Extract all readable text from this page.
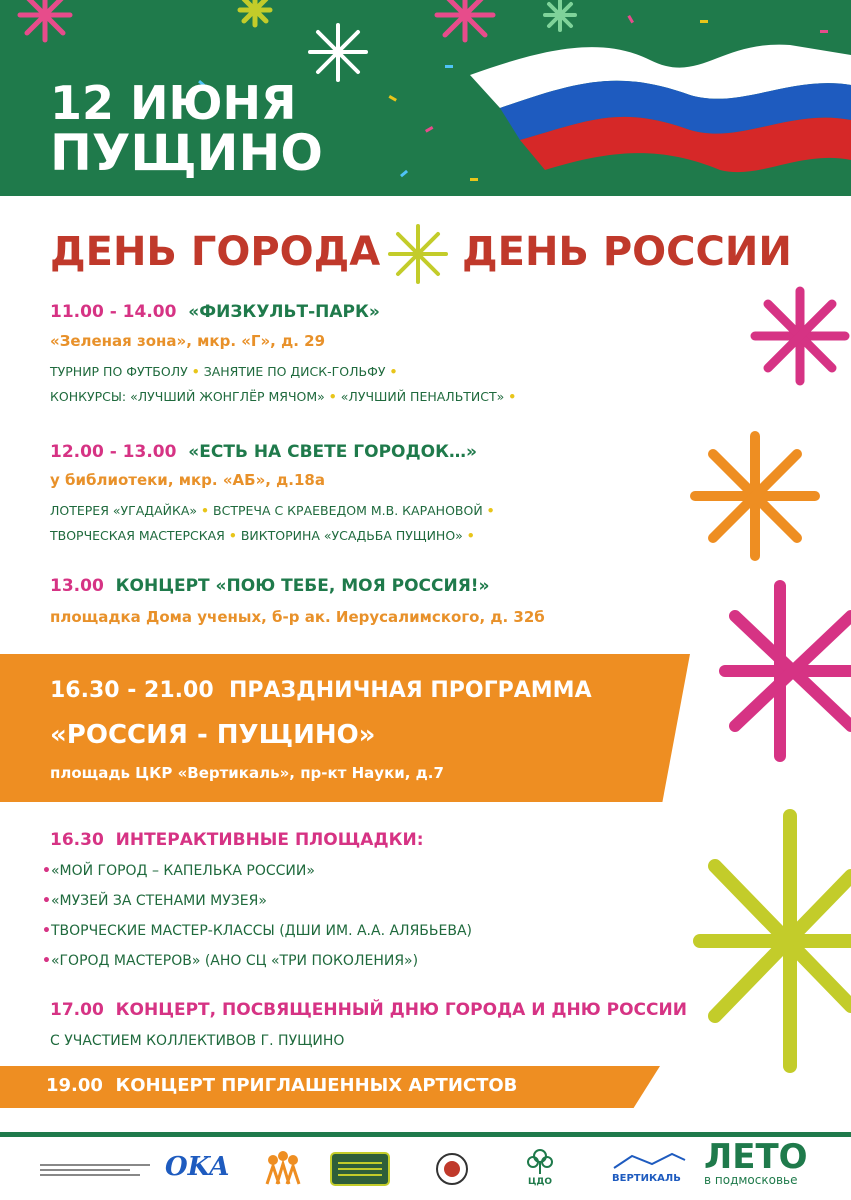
12 ИЮНЯ
ПУЩИНО
ДЕНЬ ГОРОДА ДЕНЬ РОССИИ
11.00 - 14.00 «ФИЗКУЛЬТ-ПАРК»
«Зеленая зона», мкр. «Г», д. 29
ТУРНИР ПО ФУТБОЛУ • ЗАНЯТИЕ ПО ДИСК-ГОЛЬФУ •
КОНКУРСЫ: «ЛУЧШИЙ ЖОНГЛЁР МЯЧОМ» • «ЛУЧШИЙ ПЕНАЛЬТИСТ» •
12.00 - 13.00 «ЕСТЬ НА СВЕТЕ ГОРОДОК…»
у библиотеки, мкр. «АБ», д.18а
ЛОТЕРЕЯ «УГАДАЙКА» • ВСТРЕЧА С КРАЕВЕДОМ М.В. КАРАНОВОЙ •
ТВОРЧЕСКАЯ МАСТЕРСКАЯ • ВИКТОРИНА «УСАДЬБА ПУЩИНО» •
13.00 КОНЦЕРТ «ПОЮ ТЕБЕ, МОЯ РОССИЯ!»
площадка Дома ученых, б-р ак. Иерусалимского, д. 32б
16.30 - 21.00 ПРАЗДНИЧНАЯ ПРОГРАММА
«РОССИЯ - ПУЩИНО»
площадь ЦКР «Вертикаль», пр-кт Науки, д.7
16.30 ИНТЕРАКТИВНЫЕ ПЛОЩАДКИ:
•«МОЙ ГОРОД – КАПЕЛЬКА РОССИИ»
•«МУЗЕЙ ЗА СТЕНАМИ МУЗЕЯ»
•ТВОРЧЕСКИЕ МАСТЕР-КЛАССЫ (ДШИ ИМ. А.А. АЛЯБЬЕВА)
•«ГОРОД МАСТЕРОВ» (АНО СЦ «ТРИ ПОКОЛЕНИЯ»)
17.00 КОНЦЕРТ, ПОСВЯЩЕННЫЙ ДНЮ ГОРОДА И ДНЮ РОССИИ
С УЧАСТИЕМ КОЛЛЕКТИВОВ Г. ПУЩИНО
19.00 КОНЦЕРТ ПРИГЛАШЕННЫХ АРТИСТОВ
OKA	ЦДО	ВЕРТИКАЛЬ
ЛЕТО
в подмосковье
